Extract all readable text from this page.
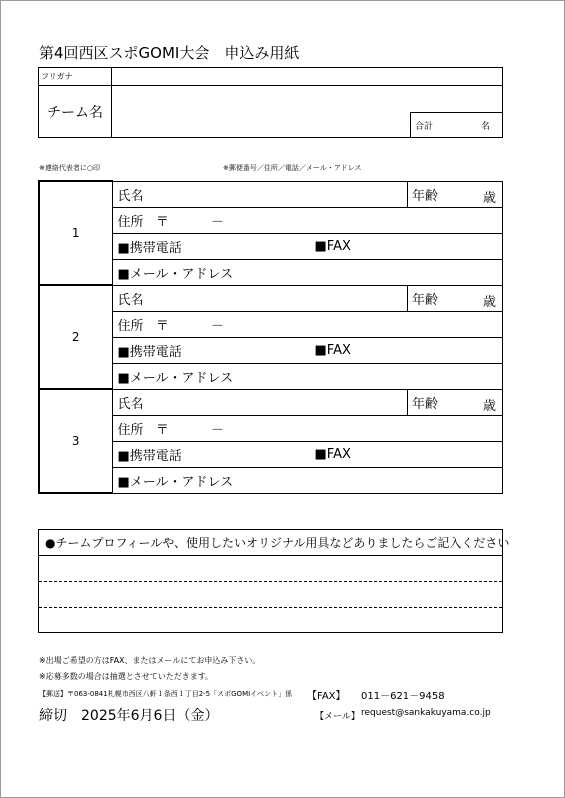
第4回西区スポGOMI大会　申込み用紙
フリガナ	
チーム名	合計 名
※連絡代表者に○印	※郵便番号／住所／電話／メール・アドレス
1	氏名	年齢	歳

住所 〒	－
■携帯電話	■FAX

■メール・アドレス
2	氏名	年齢	歳

住所 〒	－
■携帯電話	■FAX

■メール・アドレス
3	氏名	年齢	歳

住所 〒	－
■携帯電話	■FAX

■メール・アドレス
●チームプロフィールや、使用したいオリジナル用具などありましたらご記入ください
※出場ご希望の方はFAX、またはメールにてお申込み下さい。
※応募多数の場合は抽選とさせていただきます。
【郵送】〒063-0841札幌市西区八軒１条西１丁目2-5「スポGOMIイベント」係 【FAX】 011－621－9458
締切　2025年6月6日（金）	【メール】 request@sankakuyama.co.jp
